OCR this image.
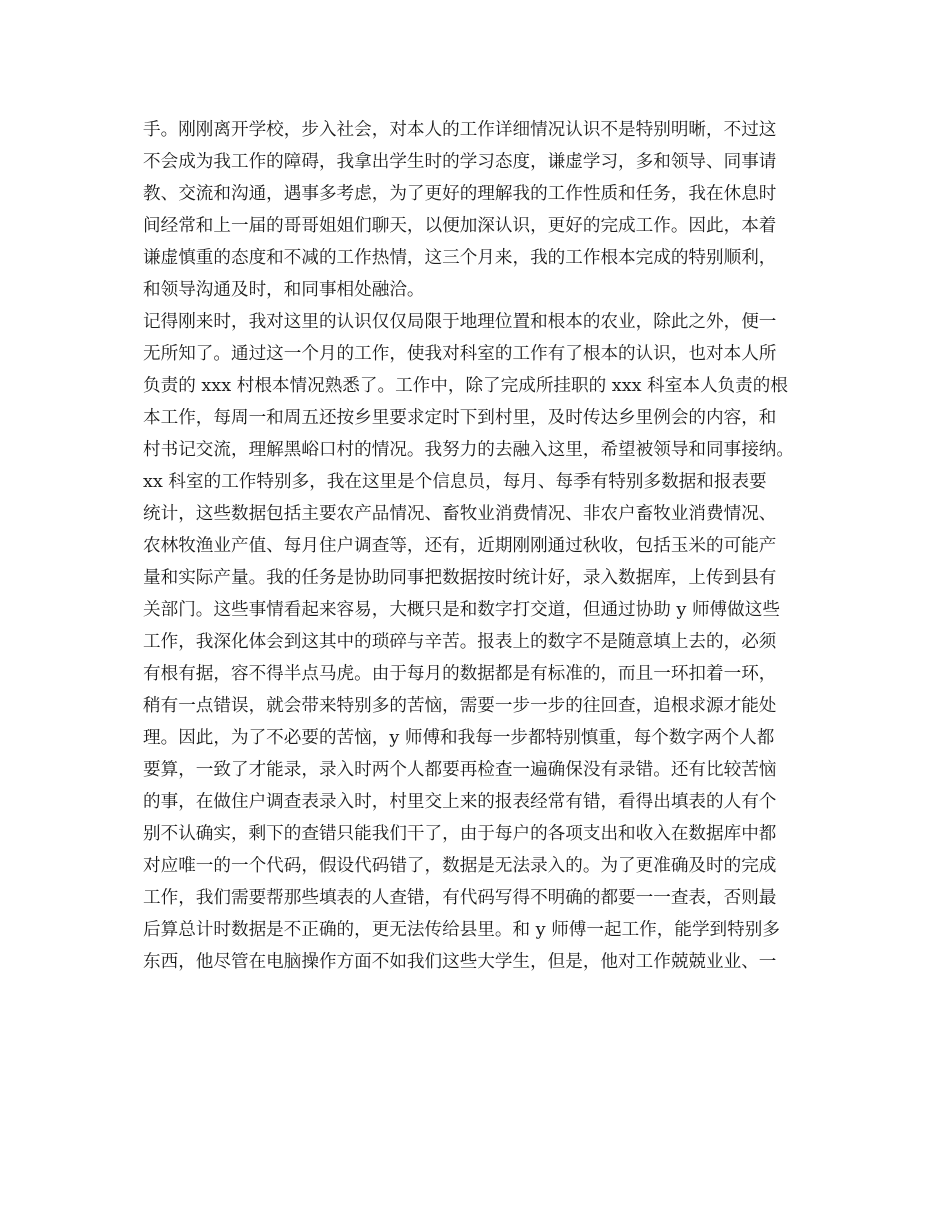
手。刚刚离开学校，步入社会，对本人的工作详细情况认识不是特别明晰，不过这
不会成为我工作的障碍，我拿出学生时的学习态度，谦虚学习，多和领导、同事请
教、交流和沟通，遇事多考虑，为了更好的理解我的工作性质和任务，我在休息时
间经常和上一届的哥哥姐姐们聊天，以便加深认识，更好的完成工作。因此，本着
谦虚慎重的态度和不减的工作热情，这三个月来，我的工作根本完成的特别顺利，
和领导沟通及时，和同事相处融洽。
记得刚来时，我对这里的认识仅仅局限于地理位置和根本的农业，除此之外，便一
无所知了。通过这一个月的工作，使我对科室的工作有了根本的认识，也对本人所
负责的 xxx 村根本情况熟悉了。工作中，除了完成所挂职的 xxx 科室本人负责的根
本工作，每周一和周五还按乡里要求定时下到村里，及时传达乡里例会的内容，和
村书记交流，理解黑峪口村的情况。我努力的去融入这里，希望被领导和同事接纳。
xx 科室的工作特别多，我在这里是个信息员，每月、每季有特别多数据和报表要
统计，这些数据包括主要农产品情况、畜牧业消费情况、非农户畜牧业消费情况、
农林牧渔业产值、每月住户调查等，还有，近期刚刚通过秋收，包括玉米的可能产
量和实际产量。我的任务是协助同事把数据按时统计好，录入数据库，上传到县有
关部门。这些事情看起来容易，大概只是和数字打交道，但通过协助 y 师傅做这些
工作，我深化体会到这其中的琐碎与辛苦。报表上的数字不是随意填上去的，必须
有根有据，容不得半点马虎。由于每月的数据都是有标准的，而且一环扣着一环，
稍有一点错误，就会带来特别多的苦恼，需要一步一步的往回查，追根求源才能处
理。因此，为了不必要的苦恼，y 师傅和我每一步都特别慎重，每个数字两个人都
要算，一致了才能录，录入时两个人都要再检查一遍确保没有录错。还有比较苦恼
的事，在做住户调查表录入时，村里交上来的报表经常有错，看得出填表的人有个
别不认确实，剩下的查错只能我们干了，由于每户的各项支出和收入在数据库中都
对应唯一的一个代码，假设代码错了，数据是无法录入的。为了更准确及时的完成
工作，我们需要帮那些填表的人查错，有代码写得不明确的都要一一查表，否则最
后算总计时数据是不正确的，更无法传给县里。和 y 师傅一起工作，能学到特别多
东西，他尽管在电脑操作方面不如我们这些大学生，但是，他对工作兢兢业业、一
